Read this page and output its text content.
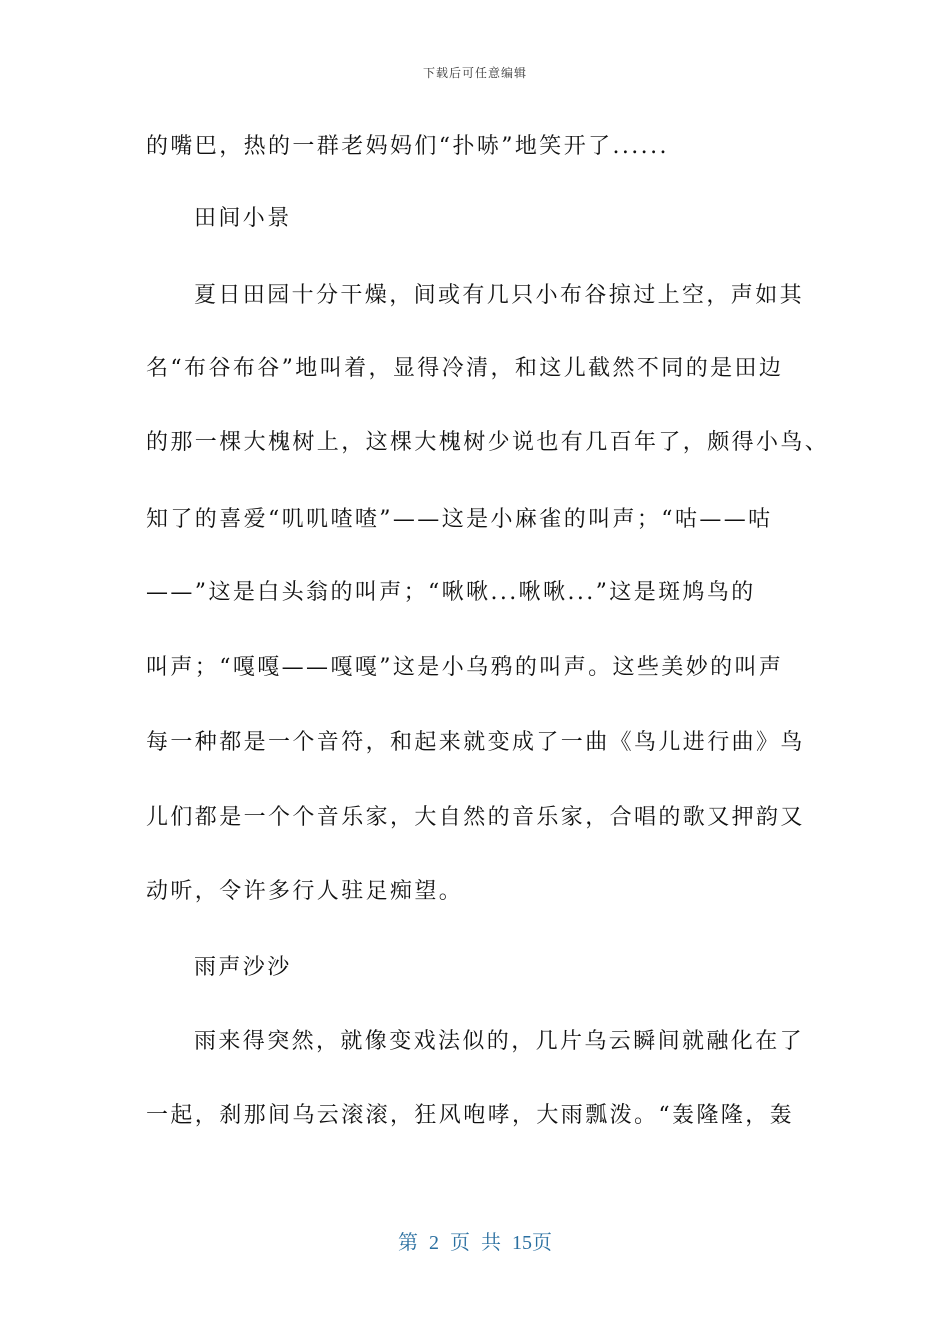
下载后可任意编辑
的嘴巴，热的一群老妈妈们“扑哧”地笑开了......
田间小景
夏日田园十分干燥，间或有几只小布谷掠过上空，声如其
名“布谷布谷”地叫着，显得冷清，和这儿截然不同的是田边
的那一棵大槐树上，这棵大槐树少说也有几百年了，颇得小鸟、
知了的喜爱“叽叽喳喳”——这是小麻雀的叫声；“咕——咕
——”这是白头翁的叫声；“啾啾...啾啾...”这是斑鸠鸟的
叫声；“嘎嘎——嘎嘎”这是小乌鸦的叫声。这些美妙的叫声
每一种都是一个音符，和起来就变成了一曲《鸟儿进行曲》鸟
儿们都是一个个音乐家，大自然的音乐家，合唱的歌又押韵又
动听，令许多行人驻足痴望。
雨声沙沙
雨来得突然，就像变戏法似的，几片乌云瞬间就融化在了
一起，刹那间乌云滚滚，狂风咆哮，大雨瓢泼。“轰隆隆，轰
第 2 页 共 15页
